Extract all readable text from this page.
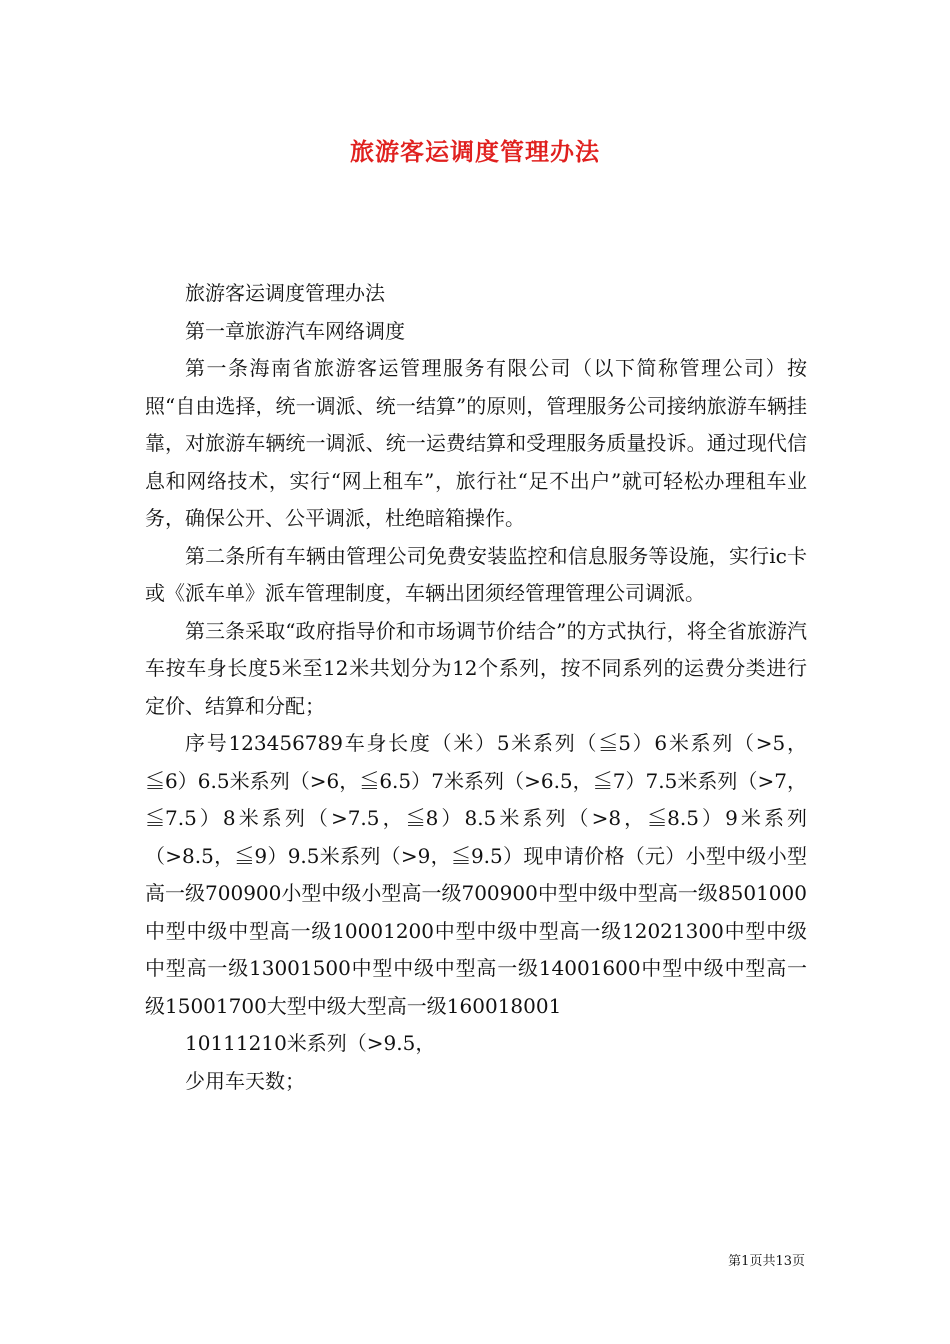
旅游客运调度管理办法

旅游客运调度管理办法

第一章旅游汽车网络调度

第一条海南省旅游客运管理服务有限公司（以下简称管理公司）按照“自由选择，统一调派、统一结算”的原则，管理服务公司接纳旅游车辆挂靠，对旅游车辆统一调派、统一运费结算和受理服务质量投诉。通过现代信息和网络技术，实行“网上租车”，旅行社“足不出户”就可轻松办理租车业务，确保公开、公平调派，杜绝暗箱操作。

第二条所有车辆由管理公司免费安装监控和信息服务等设施，实行ic卡或《派车单》派车管理制度，车辆出团须经管理管理公司调派。

第三条采取“政府指导价和市场调节价结合”的方式执行，将全省旅游汽车按车身长度5米至12米共划分为12个系列，按不同系列的运费分类进行定价、结算和分配；

序号123456789车身长度（米）5米系列（≦5）6米系列（>5，≦6）6.5米系列（>6，≦6.5）7米系列（>6.5，≦7）7.5米系列（>7，≦7.5）8米系列（>7.5，≦8）8.5米系列（>8，≦8.5）9米系列（>8.5，≦9）9.5米系列（>9，≦9.5）现申请价格（元）小型中级小型高一级700900小型中级小型高一级700900中型中级中型高一级8501000中型中级中型高一级10001200中型中级中型高一级12021300中型中级中型高一级13001500中型中级中型高一级14001600中型中级中型高一级15001700大型中级大型高一级160018001

10111210米系列（>9.5，

少用车天数；

第1页共13页
